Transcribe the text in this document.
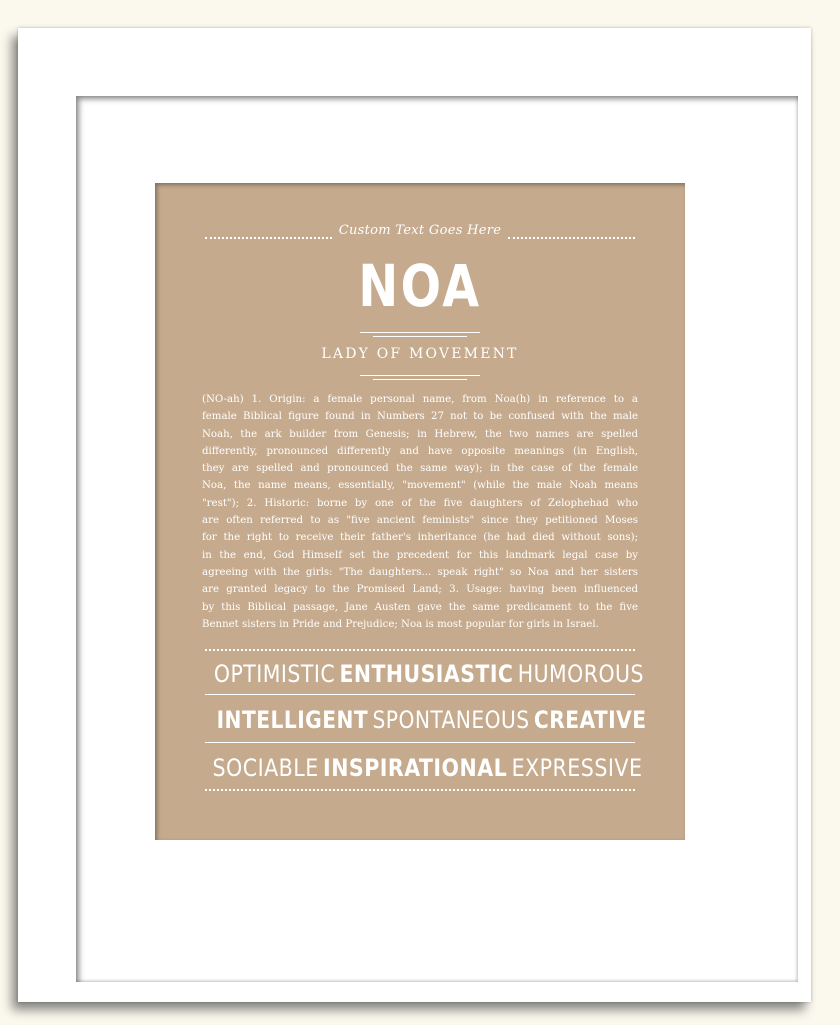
Custom Text Goes Here
NOA
LADY OF MOVEMENT
(NO-ah) 1. Origin: a female personal name, from Noa(h) in reference to a
female Biblical figure found in Numbers 27 not to be confused with the male
Noah, the ark builder from Genesis; in Hebrew, the two names are spelled
differently, pronounced differently and have opposite meanings (in English,
they are spelled and pronounced the same way); in the case of the female
Noa, the name means, essentially, "movement" (while the male Noah means
"rest"); 2. Historic: borne by one of the five daughters of Zelophehad who
are often referred to as "five ancient feminists" since they petitioned Moses
for the right to receive their father's inheritance (he had died without sons);
in the end, God Himself set the precedent for this landmark legal case by
agreeing with the girls: "The daughters... speak right" so Noa and her sisters
are granted legacy to the Promised Land; 3. Usage: having been influenced
by this Biblical passage, Jane Austen gave the same predicament to the five
Bennet sisters in Pride and Prejudice; Noa is most popular for girls in Israel.
OPTIMISTIC ENTHUSIASTIC HUMOROUS
INTELLIGENT SPONTANEOUS CREATIVE
SOCIABLE INSPIRATIONAL EXPRESSIVE
